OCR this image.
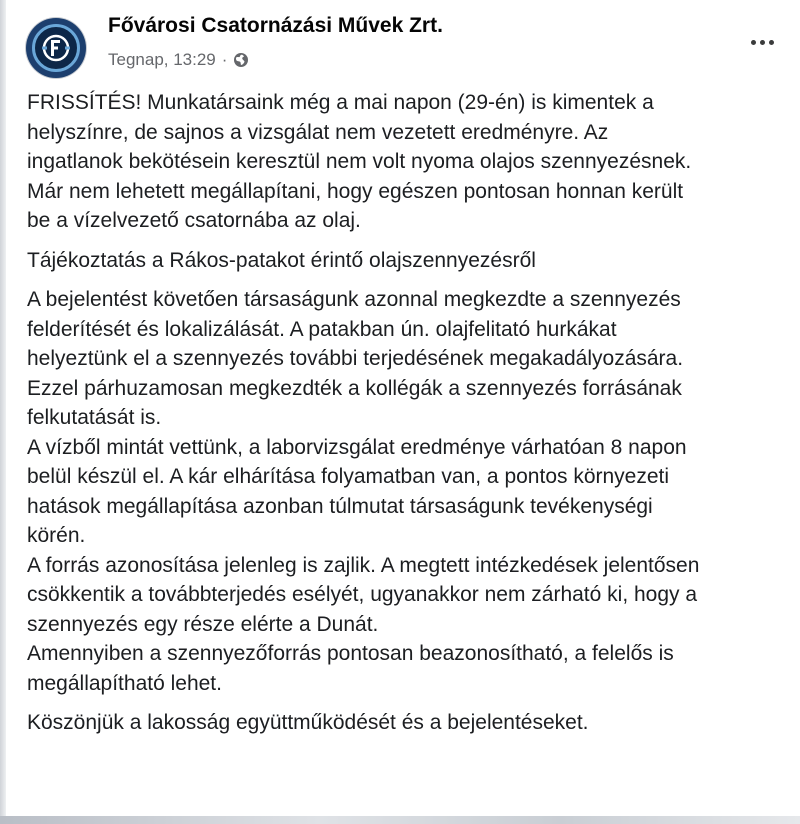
Fővárosi Csatornázási Művek Zrt.
Tegnap, 13:29 ·

FRISSÍTÉS! Munkatársaink még a mai napon (29-én) is kimentek a
helyszínre, de sajnos a vizsgálat nem vezetett eredményre. Az
ingatlanok bekötésein keresztül nem volt nyoma olajos szennyezésnek.
Már nem lehetett megállapítani, hogy egészen pontosan honnan került
be a vízelvezető csatornába az olaj.

Tájékoztatás a Rákos-patakot érintő olajszennyezésről

A bejelentést követően társaságunk azonnal megkezdte a szennyezés
felderítését és lokalizálását. A patakban ún. olajfelitató hurkákat
helyeztünk el a szennyezés további terjedésének megakadályozására.
Ezzel párhuzamosan megkezdték a kollégák a szennyezés forrásának
felkutatását is.
A vízből mintát vettünk, a laborvizsgálat eredménye várhatóan 8 napon
belül készül el. A kár elhárítása folyamatban van, a pontos környezeti
hatások megállapítása azonban túlmutat társaságunk tevékenységi
körén.
A forrás azonosítása jelenleg is zajlik. A megtett intézkedések jelentősen
csökkentik a továbbterjedés esélyét, ugyanakkor nem zárható ki, hogy a
szennyezés egy része elérte a Dunát.
Amennyiben a szennyezőforrás pontosan beazonosítható, a felelős is
megállapítható lehet.

Köszönjük a lakosság együttműködését és a bejelentéseket.
